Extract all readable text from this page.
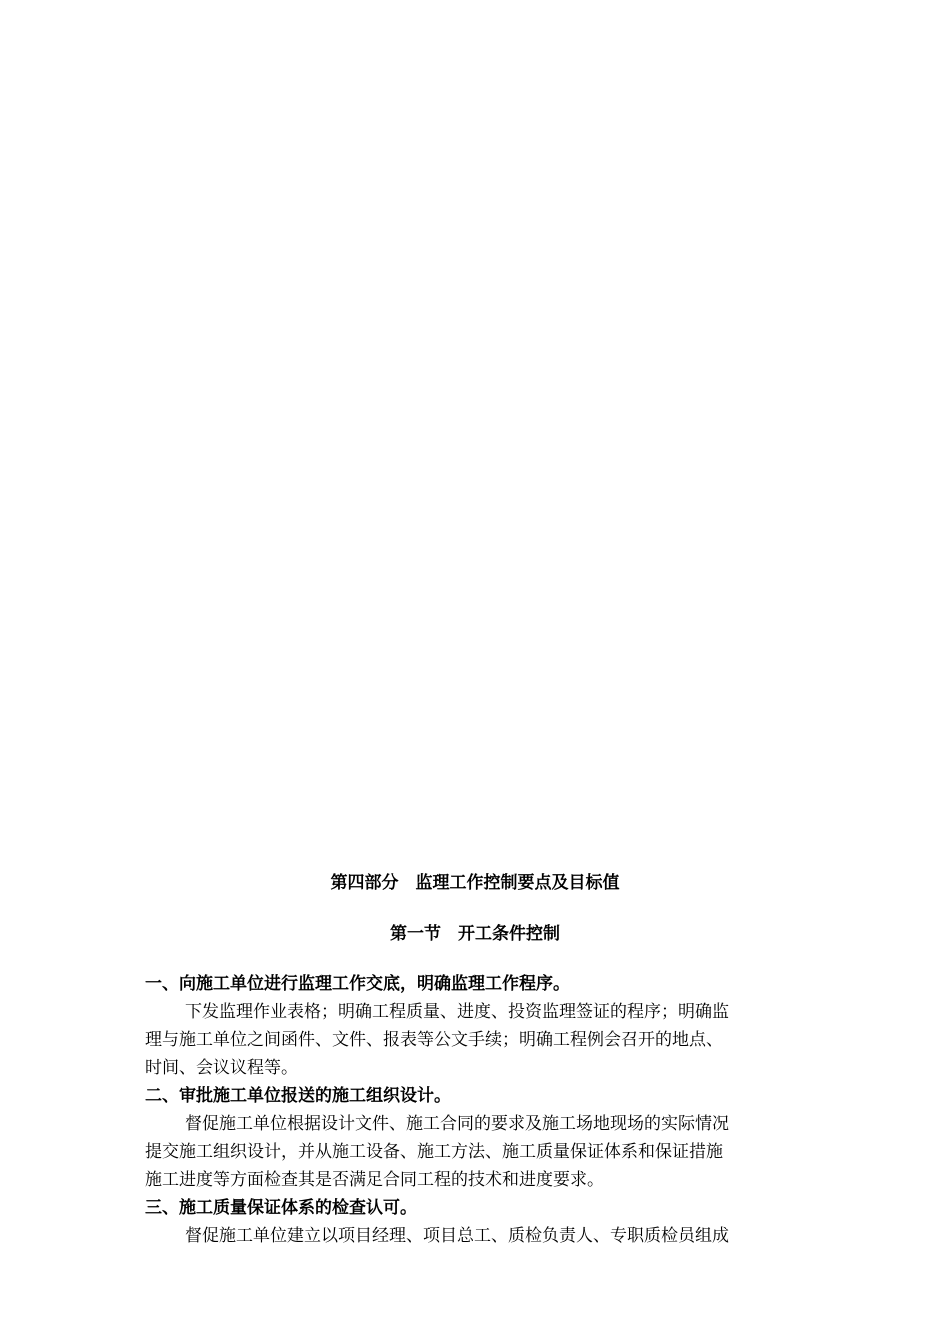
第四部分　监理工作控制要点及目标值
第一节　开工条件控制

一、向施工单位进行监理工作交底，明确监理工作程序。

下发监理作业表格；明确工程质量、进度、投资监理签证的程序；明确监
理与施工单位之间函件、文件、报表等公文手续；明确工程例会召开的地点、
时间、会议议程等。

二、审批施工单位报送的施工组织设计。

督促施工单位根据设计文件、施工合同的要求及施工场地现场的实际情况
提交施工组织设计，并从施工设备、施工方法、施工质量保证体系和保证措施
施工进度等方面检查其是否满足合同工程的技术和进度要求。

三、施工质量保证体系的检查认可。

督促施工单位建立以项目经理、项目总工、质检负责人、专职质检员组成
